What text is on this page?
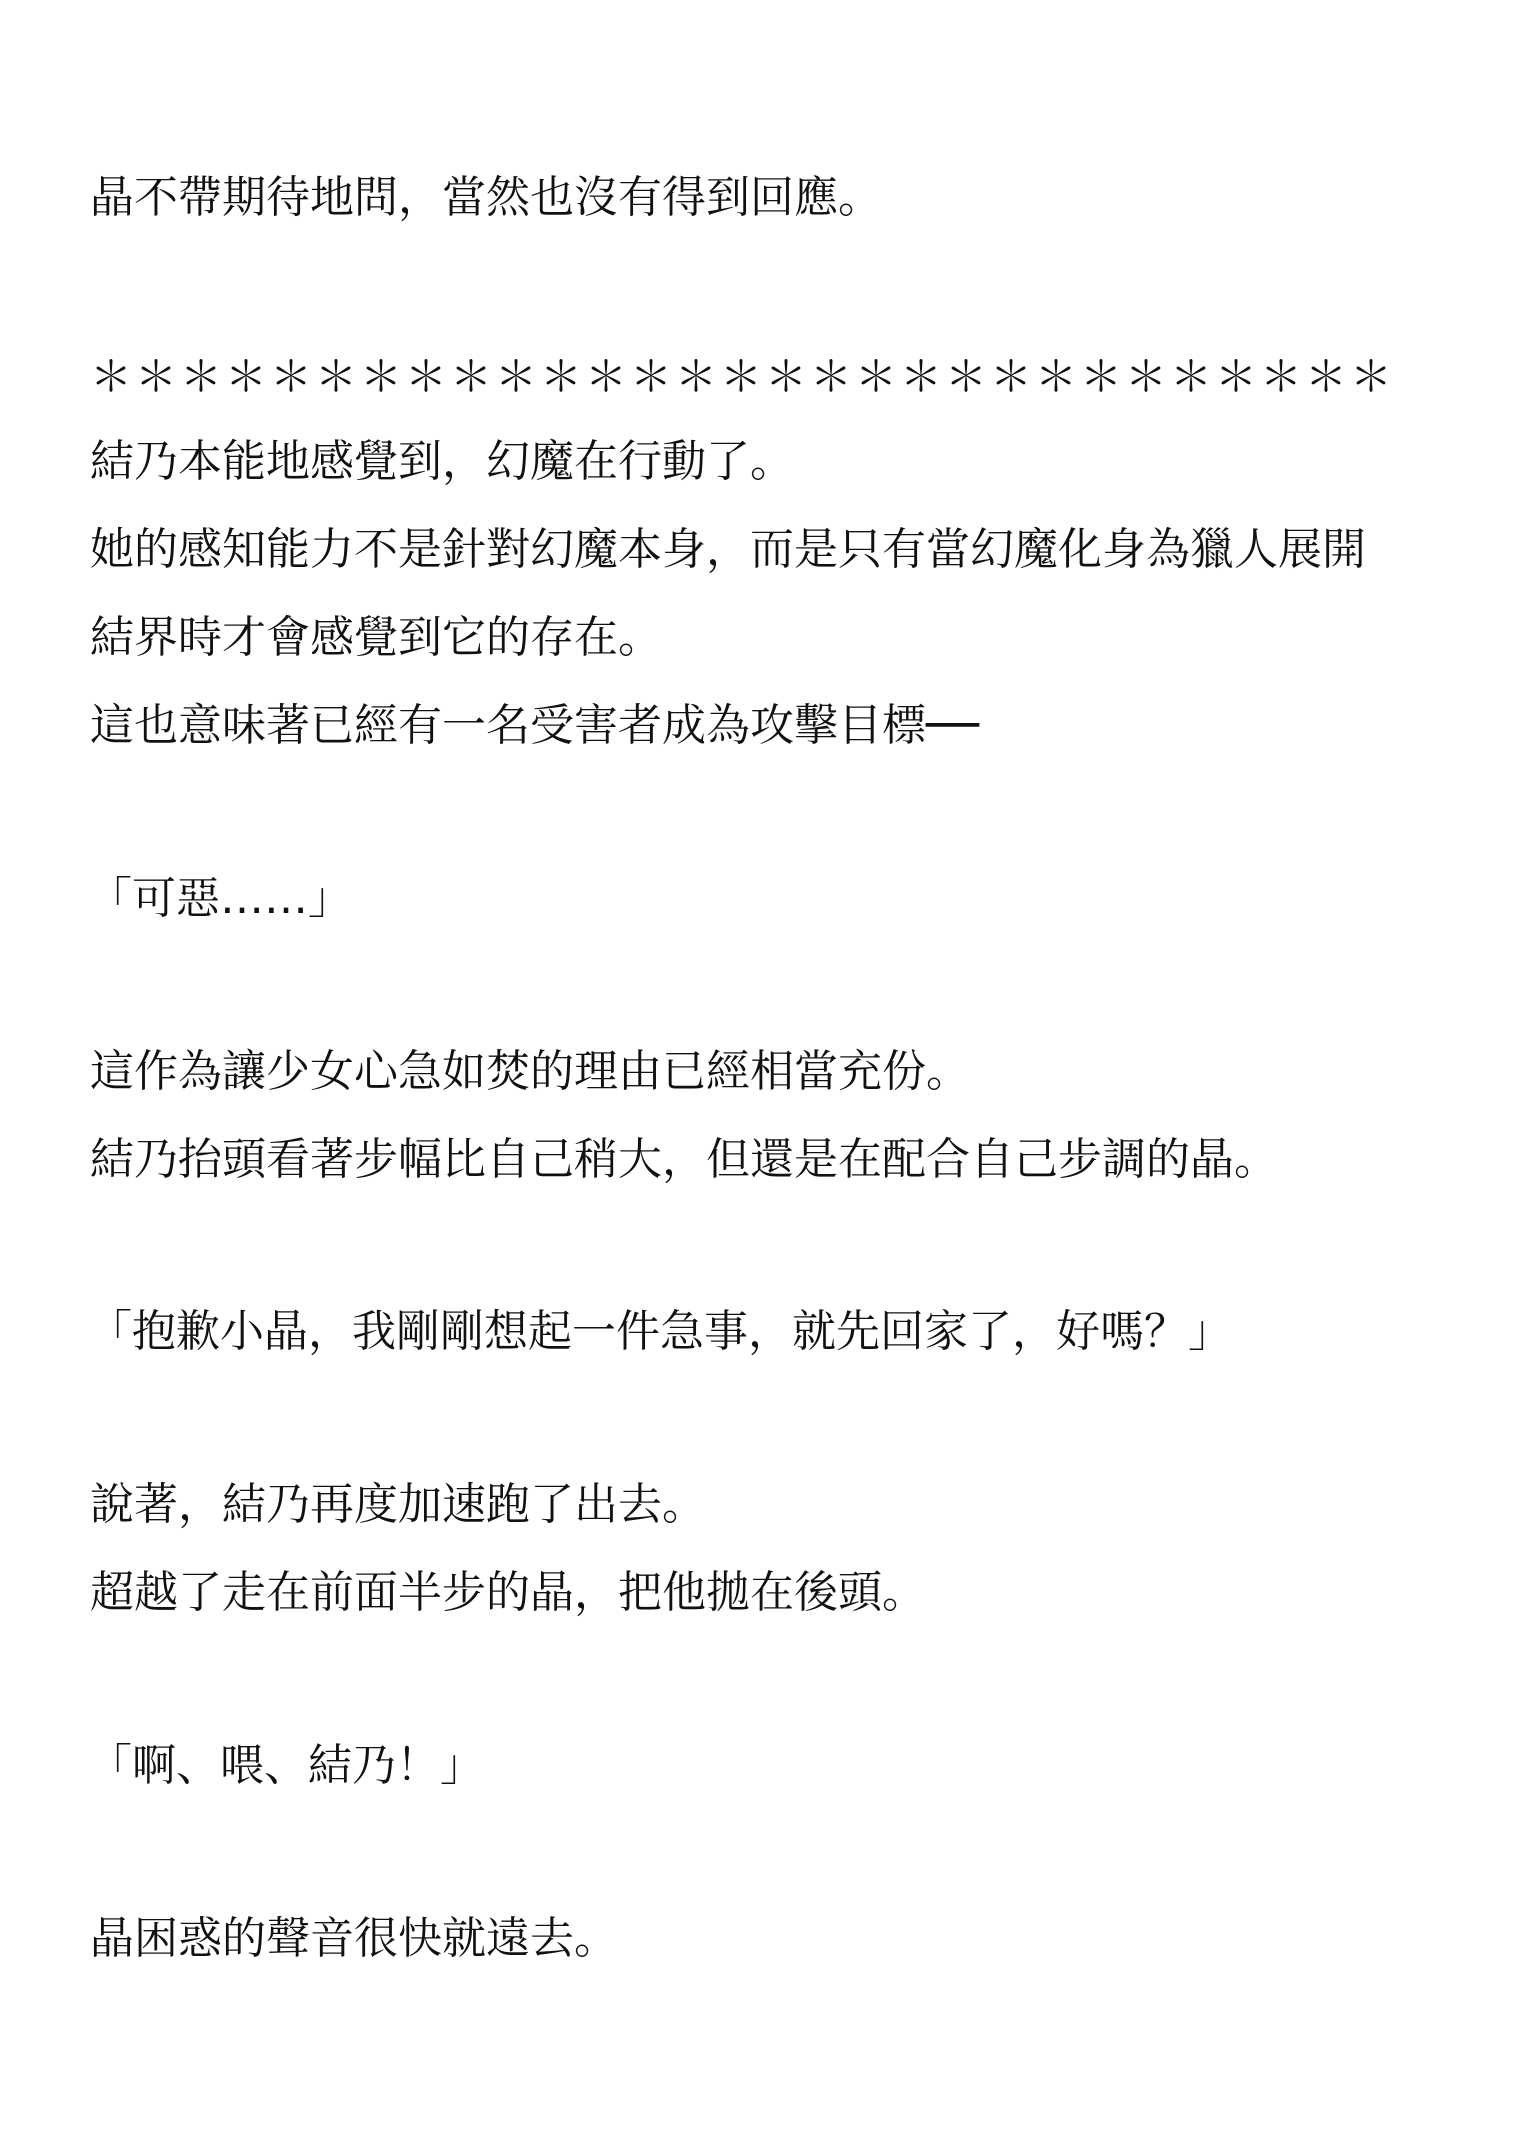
晶不帶期待地問，當然也沒有得到回應。
＊＊＊＊＊＊＊＊＊＊＊＊＊＊＊＊＊＊＊＊＊＊＊＊＊＊＊＊＊
結乃本能地感覺到，幻魔在行動了。
她的感知能力不是針對幻魔本身，而是只有當幻魔化身為獵人展開
結界時才會感覺到它的存在。
這也意味著已經有一名受害者成為攻擊目標──
「可惡……」
這作為讓少女心急如焚的理由已經相當充份。
結乃抬頭看著步幅比自己稍大，但還是在配合自己步調的晶。
「抱歉小晶，我剛剛想起一件急事，就先回家了，好嗎？」
說著，結乃再度加速跑了出去。
超越了走在前面半步的晶，把他拋在後頭。
「啊、喂、結乃！」
晶困惑的聲音很快就遠去。
